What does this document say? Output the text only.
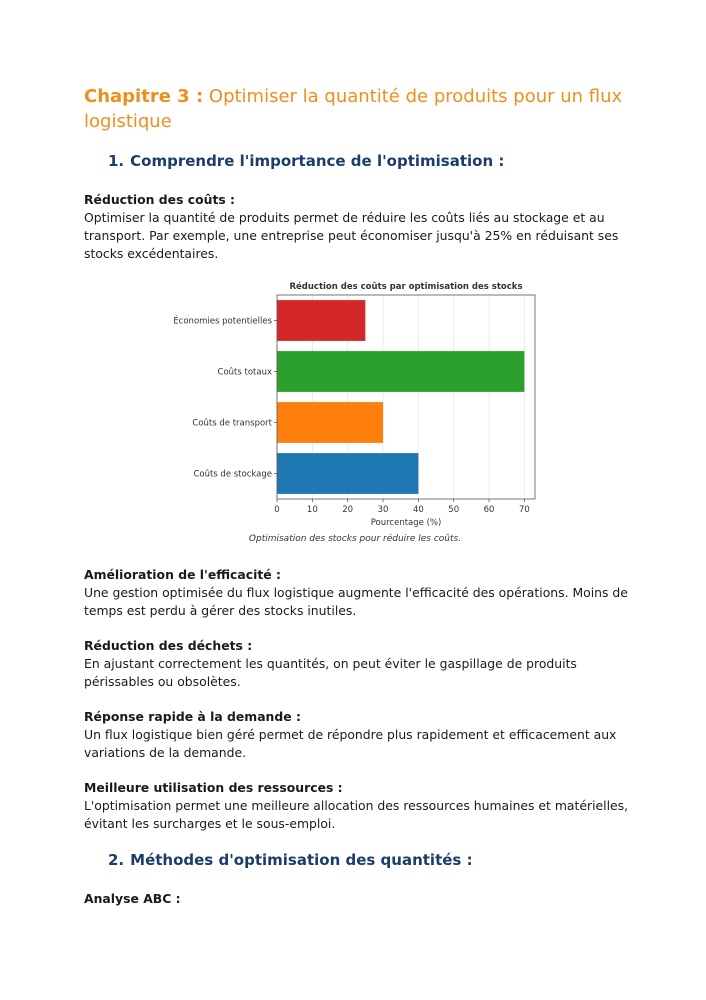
Chapitre 3 : Optimiser la quantité de produits pour un flux logistique
1. Comprendre l'importance de l'optimisation :
Réduction des coûts :
Optimiser la quantité de produits permet de réduire les coûts liés au stockage et au transport. Par exemple, une entreprise peut économiser jusqu'à 25% en réduisant ses stocks excédentaires.
Réduction des coûts par optimisation des stocks
Économies potentielles
Coûts totaux
Coûts de transport
Coûts de stockage
0	10	20	30	40	50	60	70
Pourcentage (%)
Optimisation des stocks pour réduire les coûts.
Amélioration de l'efficacité :
Une gestion optimisée du flux logistique augmente l'efficacité des opérations. Moins de temps est perdu à gérer des stocks inutiles.
Réduction des déchets :
En ajustant correctement les quantités, on peut éviter le gaspillage de produits périssables ou obsolètes.
Réponse rapide à la demande :
Un flux logistique bien géré permet de répondre plus rapidement et efficacement aux variations de la demande.
Meilleure utilisation des ressources :
L'optimisation permet une meilleure allocation des ressources humaines et matérielles, évitant les surcharges et le sous-emploi.
2. Méthodes d'optimisation des quantités :
Analyse ABC :
